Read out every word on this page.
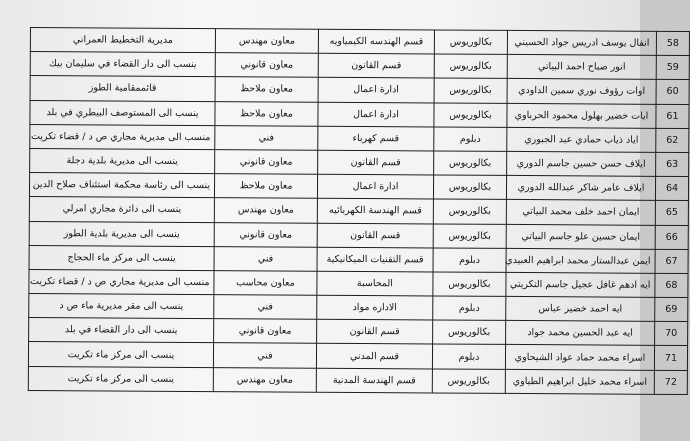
58	انفال يوسف ادريس جواد الحسيني	بكالوريوس	قسم الهندسه الكيمياويه	معاون مهندس	مديرية التخطيط العمراني
59	انور صباح احمد البياتي	بكالوريوس	قسم القانون	معاون قانوني	ينسب الى دار القضاء في سليمان بيك
60	اوات رؤوف نوري سمين الداودي	بكالوريوس	ادارة اعمال	معاون ملاحظ	قائممقامية الطوز
61	ايات خضير بهلول محمود الحرباوي	بكالوريوس	ادارة اعمال	معاون ملاحظ	ينسب الى المستوصف البيطري في بلد
62	اياد ذياب حمادي عبد الجبوري	دبلوم	قسم كهرباء	فني	منسب الى مديرية مجاري ص د / قضاء تكريت
63	ايلاف حسن حسين جاسم الدوري	بكالوريوس	قسم القانون	معاون قانوني	ينسب الى مديرية بلدية دجلة
64	ايلاف عامر شاكر عبدالله الدوري	بكالوريوس	ادارة اعمال	معاون ملاحظ	ينسب الى رئاسة محكمة استئناف صلاح الدين
65	ايمان احمد خلف محمد البياتي	بكالوريوس	قسم الهندسة الكهربائيه	معاون مهندس	ينسب الى دائرة مجاري امرلي
66	ايمان حسين علو جاسم البياتي	بكالوريوس	قسم القانون	معاون قانوني	ينسب الى مديرية بلدية الطوز
67	ايمن عبدالستار محمد ابراهيم العبيدي	دبلوم	قسم التقنيات الميكانيكية	فني	ينسب الى مركز ماء الحجاج
68	ايه ادهم غافل عجيل جاسم التكريتي	بكالوريوس	المحاسبة	معاون محاسب	منسب الى مديرية مجاري ص د / قضاء تكريت
69	ايه احمد خضير عباس	دبلوم	الاداره مواد	فني	ينسب الى مقر مديرية ماء ص د
70	ايه عبد الحسين محمد جواد	بكالوريوس	قسم القانون	معاون قانوني	ينسب الى دار القضاء في بلد
71	اسراء محمد حماد عواد الشيحاوي	دبلوم	قسم المدني	فني	ينسب الى مركز ماء تكريت
72	اسراء محمد خليل ابراهيم الطياوي	بكالوريوس	قسم الهندسة المدنية	معاون مهندس	ينسب الى مركز ماء تكريت
